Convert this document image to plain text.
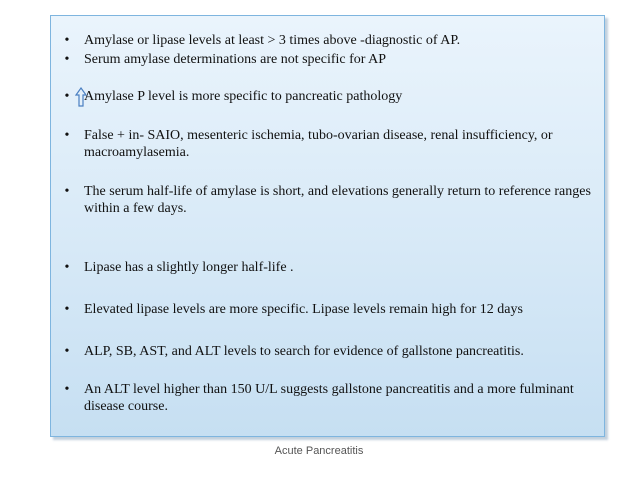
• Amylase or lipase levels at least > 3 times above -diagnostic of AP.
• Serum amylase determinations are not specific for AP
• Amylase P level is more specific to pancreatic pathology
• False + in- SAIO, mesenteric ischemia, tubo-ovarian disease, renal insufficiency, or macroamylasemia.
• The serum half-life of amylase is short, and elevations generally return to reference ranges within a few days.
• Lipase has a slightly longer half-life .
• Elevated lipase levels are more specific. Lipase levels remain high for 12 days
• ALP, SB, AST, and ALT levels to search for evidence of gallstone pancreatitis.
• An ALT level higher than 150 U/L suggests gallstone pancreatitis and a more fulminant disease course.
Acute Pancreatitis
